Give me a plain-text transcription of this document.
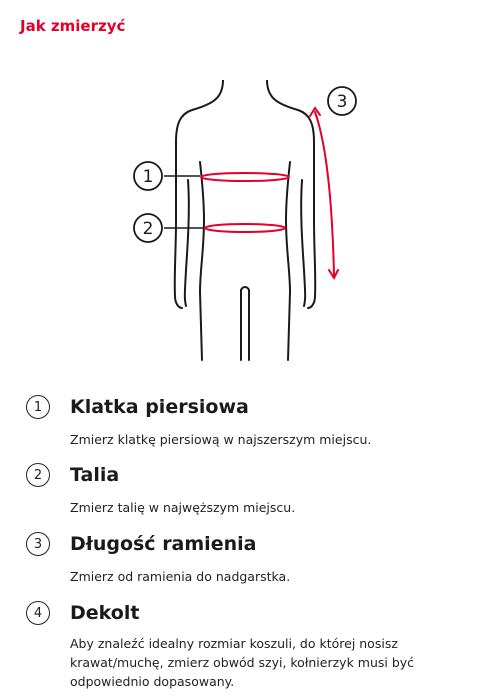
Jak zmierzyć
1
2
3
1	Klatka piersiowa

Zmierz klatkę piersiową w najszerszym miejscu.

2	Talia

Zmierz talię w najwęższym miejscu.

3	Długość ramienia

Zmierz od ramienia do nadgarstka.

4	Dekolt

Aby znaleźć idealny rozmiar koszuli, do której nosisz krawat/muchę, zmierz obwód szyi, kołnierzyk musi być odpowiednio dopasowany.
